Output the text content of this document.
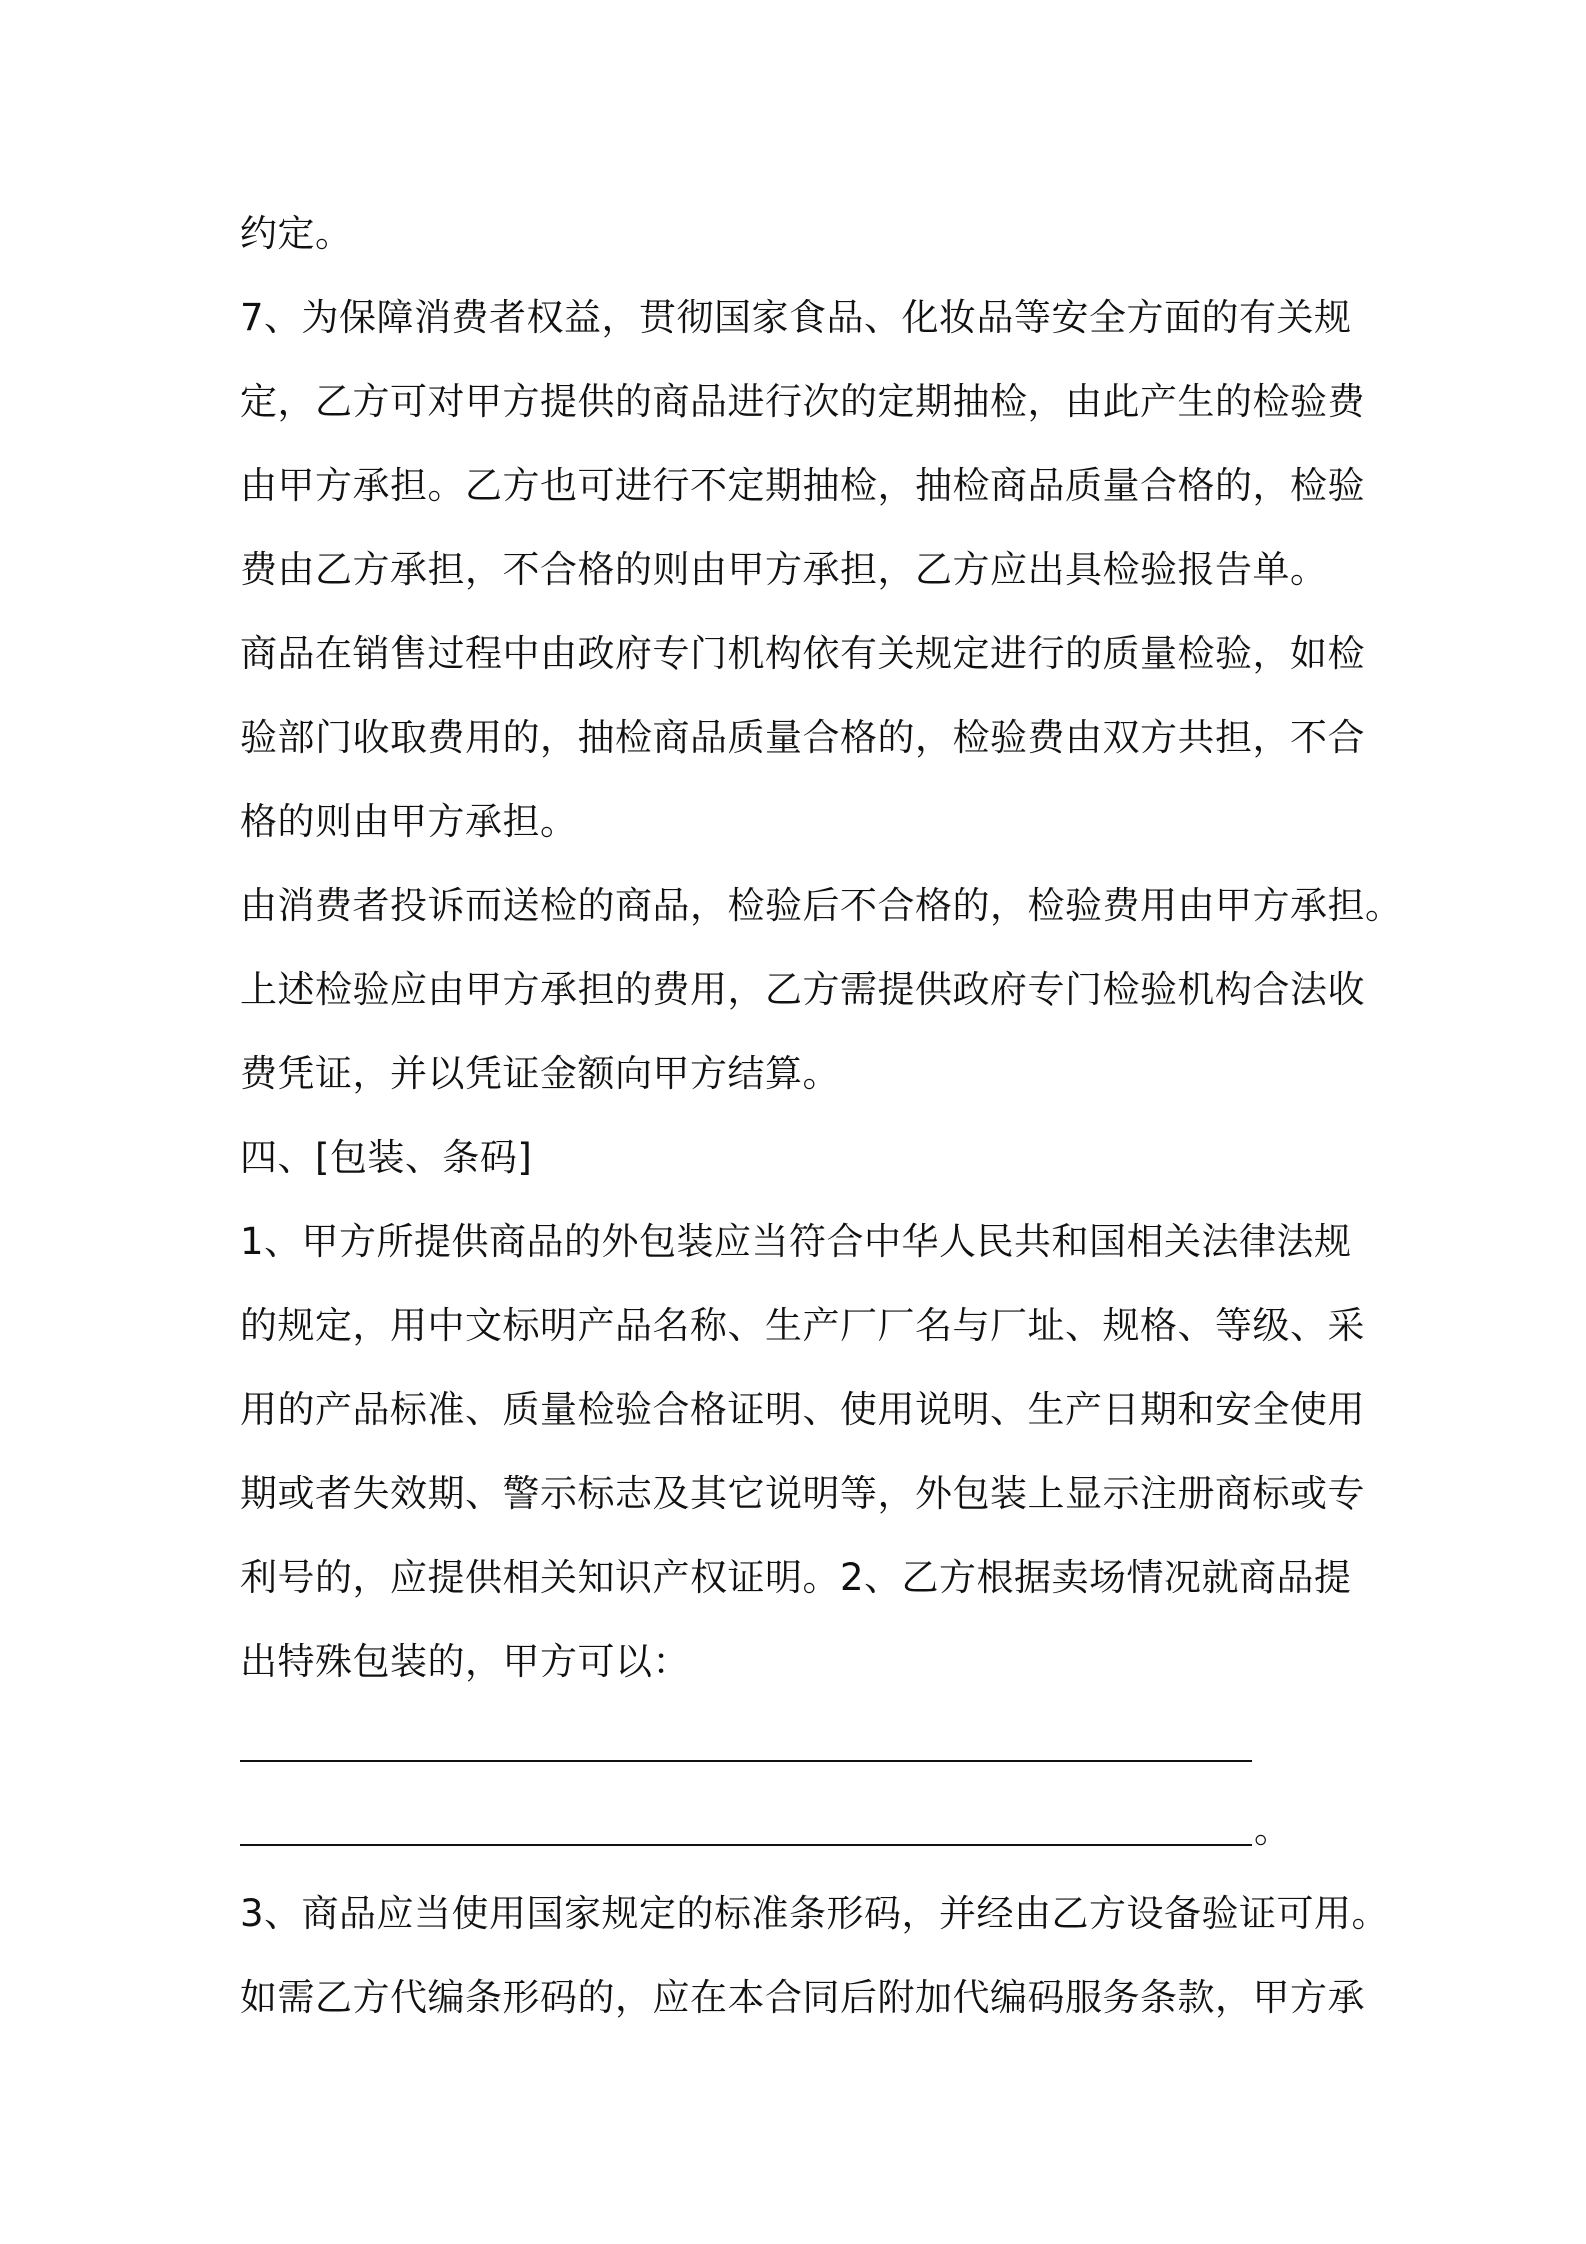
约定。
7、为保障消费者权益，贯彻国家食品、化妆品等安全方面的有关规
定，乙方可对甲方提供的商品进行次的定期抽检，由此产生的检验费
由甲方承担。乙方也可进行不定期抽检，抽检商品质量合格的，检验
费由乙方承担，不合格的则由甲方承担，乙方应出具检验报告单。
商品在销售过程中由政府专门机构依有关规定进行的质量检验，如检
验部门收取费用的，抽检商品质量合格的，检验费由双方共担，不合
格的则由甲方承担。
由消费者投诉而送检的商品，检验后不合格的，检验费用由甲方承担。
上述检验应由甲方承担的费用，乙方需提供政府专门检验机构合法收
费凭证，并以凭证金额向甲方结算。
四、[包装、条码]
1、甲方所提供商品的外包装应当符合中华人民共和国相关法律法规
的规定，用中文标明产品名称、生产厂厂名与厂址、规格、等级、采
用的产品标准、质量检验合格证明、使用说明、生产日期和安全使用
期或者失效期、警示标志及其它说明等，外包装上显示注册商标或专
利号的，应提供相关知识产权证明。2、乙方根据卖场情况就商品提
出特殊包装的，甲方可以：
。
3、商品应当使用国家规定的标准条形码，并经由乙方设备验证可用。
如需乙方代编条形码的，应在本合同后附加代编码服务条款，甲方承
